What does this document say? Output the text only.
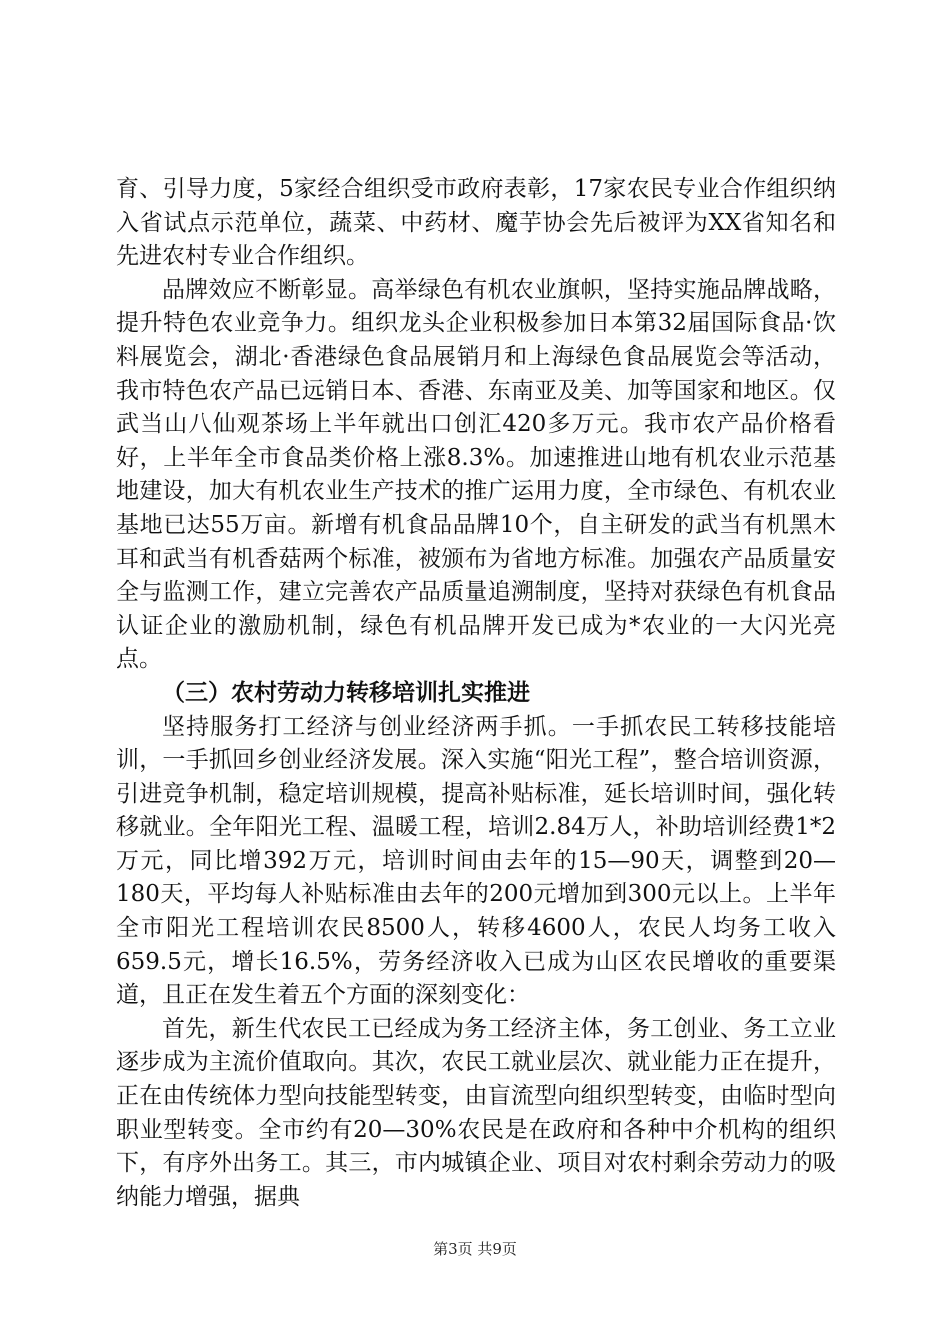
育、引导力度，5家经合组织受市政府表彰，17家农民专业合作组织纳入省试点示范单位，蔬菜、中药材、魔芋协会先后被评为XX省知名和先进农村专业合作组织。

品牌效应不断彰显。高举绿色有机农业旗帜，坚持实施品牌战略，提升特色农业竞争力。组织龙头企业积极参加日本第32届国际食品·饮料展览会，湖北·香港绿色食品展销月和上海绿色食品展览会等活动，我市特色农产品已远销日本、香港、东南亚及美、加等国家和地区。仅武当山八仙观茶场上半年就出口创汇420多万元。我市农产品价格看好，上半年全市食品类价格上涨8.3%。加速推进山地有机农业示范基地建设，加大有机农业生产技术的推广运用力度，全市绿色、有机农业基地已达55万亩。新增有机食品品牌10个，自主研发的武当有机黑木耳和武当有机香菇两个标准，被颁布为省地方标准。加强农产品质量安全与监测工作，建立完善农产品质量追溯制度，坚持对获绿色有机食品认证企业的激励机制，绿色有机品牌开发已成为*农业的一大闪光亮点。

（三）农村劳动力转移培训扎实推进

坚持服务打工经济与创业经济两手抓。一手抓农民工转移技能培训，一手抓回乡创业经济发展。深入实施“阳光工程”，整合培训资源，引进竞争机制，稳定培训规模，提高补贴标准，延长培训时间，强化转移就业。全年阳光工程、温暖工程，培训2.84万人，补助培训经费1*2万元，同比增392万元，培训时间由去年的15—90天，调整到20—180天，平均每人补贴标准由去年的200元增加到300元以上。上半年全市阳光工程培训农民8500人，转移4600人，农民人均务工收入659.5元，增长16.5%，劳务经济收入已成为山区农民增收的重要渠道，且正在发生着五个方面的深刻变化：

首先，新生代农民工已经成为务工经济主体，务工创业、务工立业逐步成为主流价值取向。其次，农民工就业层次、就业能力正在提升，正在由传统体力型向技能型转变，由盲流型向组织型转变，由临时型向职业型转变。全市约有20—30%农民是在政府和各种中介机构的组织下，有序外出务工。其三，市内城镇企业、项目对农村剩余劳动力的吸纳能力增强，据典

第3页 共9页
